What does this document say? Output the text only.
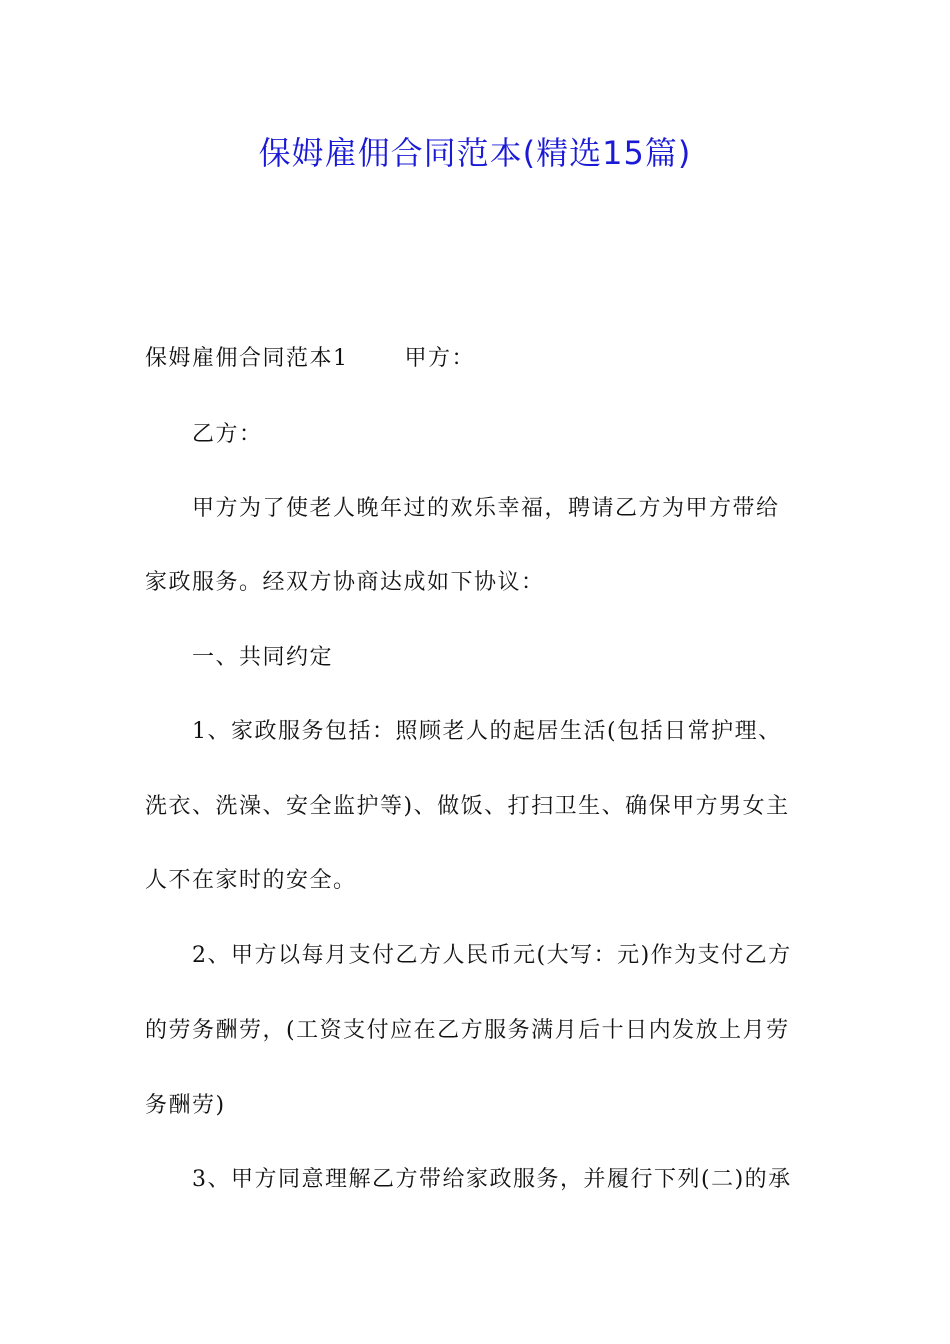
保姆雇佣合同范本(精选15篇)
保姆雇佣合同范本1	甲方：
乙方：
甲方为了使老人晚年过的欢乐幸福，聘请乙方为甲方带给
家政服务。经双方协商达成如下协议：
一、共同约定
1、家政服务包括：照顾老人的起居生活(包括日常护理、
洗衣、洗澡、安全监护等)、做饭、打扫卫生、确保甲方男女主
人不在家时的安全。
2、甲方以每月支付乙方人民币元(大写：元)作为支付乙方
的劳务酬劳，(工资支付应在乙方服务满月后十日内发放上月劳
务酬劳)
3、甲方同意理解乙方带给家政服务，并履行下列(二)的承
